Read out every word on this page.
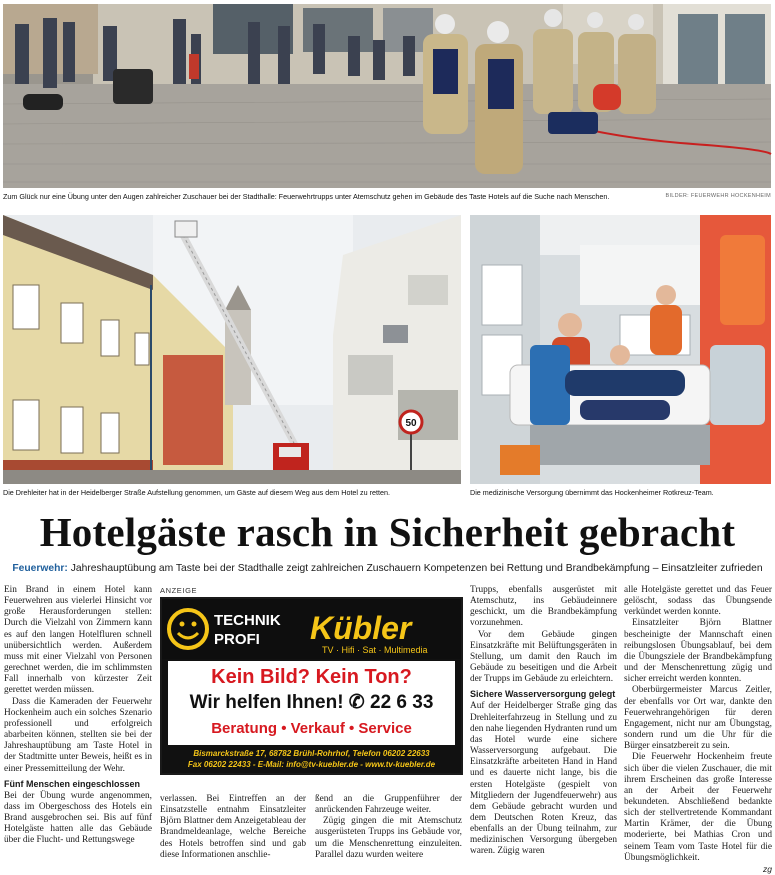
Zum Glück nur eine Übung unter den Augen zahlreicher Zuschauer bei der Stadthalle: Feuerwehrtrupps unter Atemschutz gehen im Gebäude des Taste Hotels auf die Suche nach Menschen.	BILDER: FEUERWEHR HOCKENHEIM
50
Die Drehleiter hat in der Heidelberger Straße Aufstellung genommen, um Gäste auf diesem Weg aus dem Hotel zu retten.	Die medizinische Versorgung übernimmt das Hockenheimer Rotkreuz-Team.
Hotelgäste rasch in Sicherheit gebracht
Feuerwehr: Jahreshauptübung am Taste bei der Stadthalle zeigt zahlreichen Zuschauern Kompetenzen bei Rettung und Brandbekämpfung – Einsatzleiter zufrieden

Ein Brand in einem Hotel kann Feuerwehren aus vielerlei Hinsicht vor große Herausforderungen stellen: Durch die Vielzahl von Zimmern kann es auf den langen Hotelfluren schnell unübersichtlich werden. Außerdem muss mit einer Vielzahl von Personen gerechnet werden, die im schlimmsten Fall innerhalb von kürzester Zeit gerettet werden müssen.

Dass die Kameraden der Feuerwehr Hockenheim auch ein solches Szenario professionell und erfolgreich abarbeiten können, stellten sie bei der Jahreshauptübung am Taste Hotel in der Stadtmitte unter Beweis, heißt es in einer Pressemitteilung der Wehr.

Fünf Menschen eingeschlossen

Bei der Übung wurde angenommen, dass im Obergeschoss des Hotels ein Brand ausgebrochen sei. Bis auf fünf Hotelgäste hatten alle das Gebäude über die Flucht- und Rettungswege

ANZEIGE
TECHNIK
PROFI Kübler
TV · Hifi · Sat · Multimedia
Kein Bild? Kein Ton?
Wir helfen Ihnen! ✆ 22 6 33
Beratung • Verkauf • Service
Bismarckstraße 17, 68782 Brühl-Rohrhof, Telefon 06202 22633
Fax 06202 22433 - E-Mail: info@tv-kuebler.de - www.tv-kuebler.de

verlassen. Bei Eintreffen an der Einsatzstelle entnahm Einsatzleiter Björn Blattner dem Anzeigetableau der Brandmeldeanlage, welche Bereiche des Hotels betroffen sind und gab diese Informationen anschlie-

ßend an die Gruppenführer der anrückenden Fahrzeuge weiter.

Zügig gingen die mit Atemschutz ausgerüsteten Trupps ins Gebäude vor, um die Menschenrettung einzuleiten. Parallel dazu wurden weitere

Trupps, ebenfalls ausgerüstet mit Atemschutz, ins Gebäudeinnere geschickt, um die Brandbekämpfung vorzunehmen.

Vor dem Gebäude gingen Einsatzkräfte mit Belüftungsgeräten in Stellung, um damit den Rauch im Gebäude zu beseitigen und die Arbeit der Trupps im Gebäude zu erleichtern.

Sichere Wasserversorgung gelegt

Auf der Heidelberger Straße ging das Drehleiterfahrzeug in Stellung und zu den nahe liegenden Hydranten rund um das Hotel wurde eine sichere Wasserversorgung aufgebaut. Die Einsatzkräfte arbeiteten Hand in Hand und es dauerte nicht lange, bis die ersten Hotelgäste (gespielt von Mitgliedern der Jugendfeuerwehr) aus dem Gebäude gebracht wurden und dem Deutschen Roten Kreuz, das ebenfalls an der Übung teilnahm, zur medizinischen Versorgung übergeben waren. Zügig waren

alle Hotelgäste gerettet und das Feuer gelöscht, sodass das Übungsende verkündet werden konnte.

Einsatzleiter Björn Blattner bescheinigte der Mannschaft einen reibungslosen Übungsablauf, bei dem die Übungsziele der Brandbekämpfung und der Menschenrettung zügig und sicher erreicht werden konnten.

Oberbürgermeister Marcus Zeitler, der ebenfalls vor Ort war, dankte den Feuerwehrangehörigen für deren Engagement, nicht nur am Übungstag, sondern rund um die Uhr für die Bürger einsatzbereit zu sein.

Die Feuerwehr Hockenheim freute sich über die vielen Zuschauer, die mit ihrem Erscheinen das große Interesse an der Arbeit der Feuerwehr bekundeten. Abschließend bedankte sich der stellvertretende Kommandant Martin Krämer, der die Übung moderierte, bei Mathias Cron und seinem Team vom Taste Hotel für die Übungsmöglichkeit.

zg
